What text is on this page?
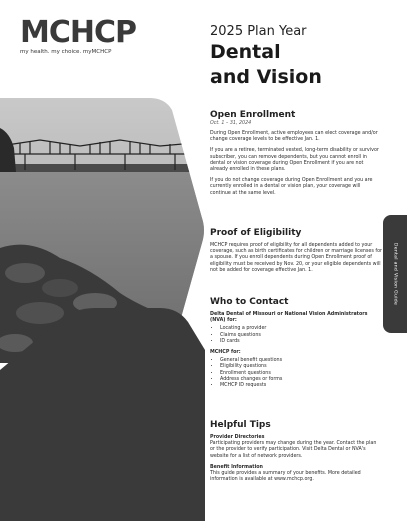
MCHCP
my health. my choice. myMCHCP
2025 Plan Year
Dental
and Vision
Open Enrollment
Oct. 1 – 31, 2024

During Open Enrollment, active employees can elect coverage and/or change coverage levels to be effective Jan. 1.

If you are a retiree, terminated vested, long-term disability or survivor subscriber, you can remove dependents, but you cannot enroll in dental or vision coverage during Open Enrollment if you are not already enrolled in these plans.

If you do not change coverage during Open Enrollment and you are currently enrolled in a dental or vision plan, your coverage will continue at the same level.

Proof of Eligibility

MCHCP requires proof of eligibility for all dependents added to your coverage, such as birth certificates for children or marriage licenses for a spouse. If you enroll dependents during Open Enrollment proof of eligibility must be received by Nov. 20, or your eligible dependents will not be added for coverage effective Jan. 1.

Who to Contact

Delta Dental of Missouri or National Vision Administrators (NVA) for:

• Locating a provider
• Claims questions
• ID cards

MCHCP for:

• General benefit questions
• Eligibility questions
• Enrollment questions
• Address changes or forms
• MCHCP ID requests
Helpful Tips

Provider Directories

Participating providers may change during the year. Contact the plan or the provider to verify participation. Visit Delta Dental or NVA's website for a list of network providers.

Benefit Information

This guide provides a summary of your benefits. More detailed information is available at www.mchcp.org.

Dental and Vision Guide
